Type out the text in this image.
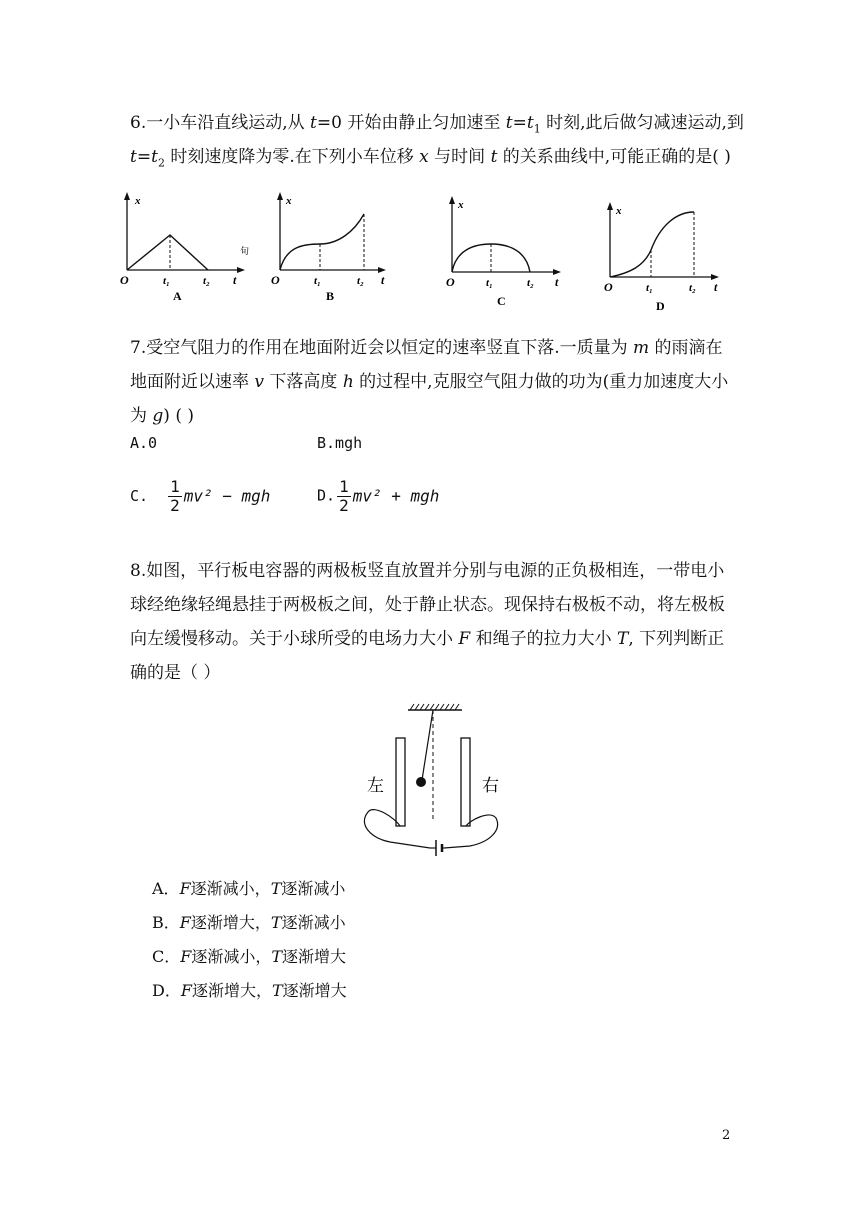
6.一小车沿直线运动,从 t=0 开始由静止匀加速至 $t=t_1$ 时刻,此后做匀减速运动,到
$t=t_2$ 时刻速度降为零.在下列小车位移 x 与时间 t 的关系曲线中,可能正确的是( )
x
O	t₁	t₂ t
A
旬
x
O	t₁	t₂ t
B
x
O	t₁	t₂ t
C
x
O	t₁	t₂ t
D
7.受空气阻力的作用在地面附近会以恒定的速率竖直下落.一质量为 m 的雨滴在
地面附近以速率 v 下落高度 h 的过程中,克服空气阻力做的功为(重力加速度大小
为 g) ( )
A.0	B.mgh
C. $\frac{1}{2} mv^2$ − mgh	D. $\frac{1}{2} mv^2$ + mgh
8.如图，平行板电容器的两极板竖直放置并分别与电源的正负极相连，一带电小
球经绝缘轻绳悬挂于两极板之间，处于静止状态。现保持右极板不动，将左极板
向左缓慢移动。关于小球所受的电场力大小 F 和绳子的拉力大小 T, 下列判断正
确的是（ ）
左	右
A．F逐渐减小，T逐渐减小
B．F逐渐增大，T逐渐减小
C．F逐渐减小，T逐渐增大
D．F逐渐增大，T逐渐增大
2
